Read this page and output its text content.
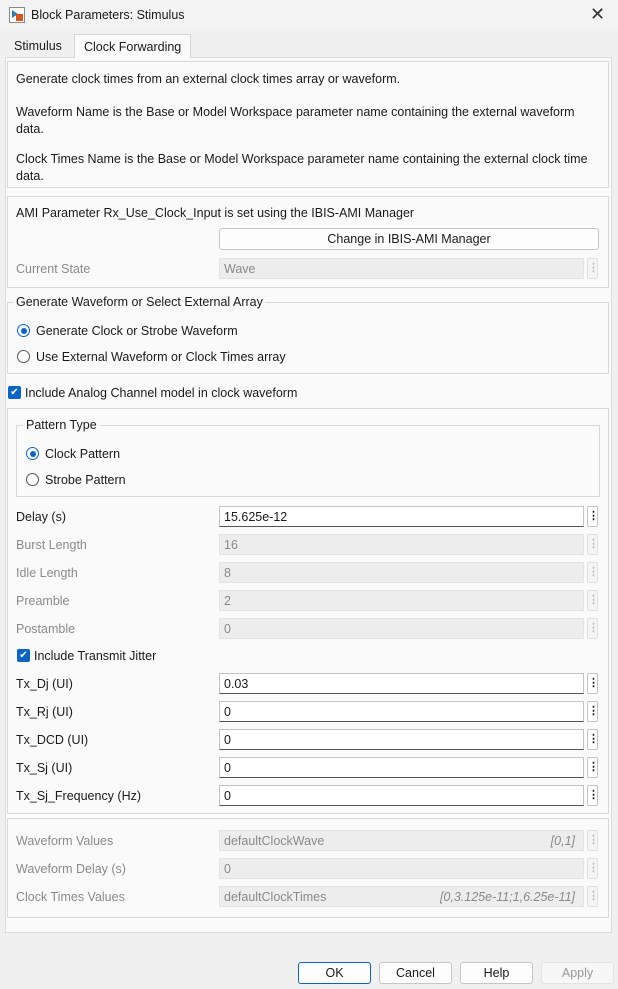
Block Parameters: Stimulus	✕
Stimulus	Clock Forwarding
Generate clock times from an external clock times array or waveform.
Waveform Name is the Base or Model Workspace parameter name containing the external waveform data.
Clock Times Name is the Base or Model Workspace parameter name containing the external clock time data.
AMI Parameter Rx_Use_Clock_Input is set using the IBIS-AMI Manager
Change in IBIS-AMI Manager
Current State	Wave	⋮
Generate Waveform or Select External Array
Generate Clock or Strobe Waveform
Use External Waveform or Clock Times array
✔ Include Analog Channel model in clock waveform
Pattern Type
Clock Pattern
Strobe Pattern
Delay (s)	15.625e-12	⋮
Burst Length	16	⋮
Idle Length	8	⋮
Preamble	2	⋮
Postamble	0	⋮
✔ Include Transmit Jitter
Tx_Dj (UI)	0.03	⋮
Tx_Rj (UI)	0	⋮
Tx_DCD (UI)	0	⋮
Tx_Sj (UI)	0	⋮
Tx_Sj_Frequency (Hz)	0	⋮
Waveform Values	defaultClockWave	[0,1] ⋮
Waveform Delay (s)	0	⋮
Clock Times Values	defaultClockTimes	[0,3.125e-11;1,6.25e-11] ⋮
OK	Cancel	Help	Apply
